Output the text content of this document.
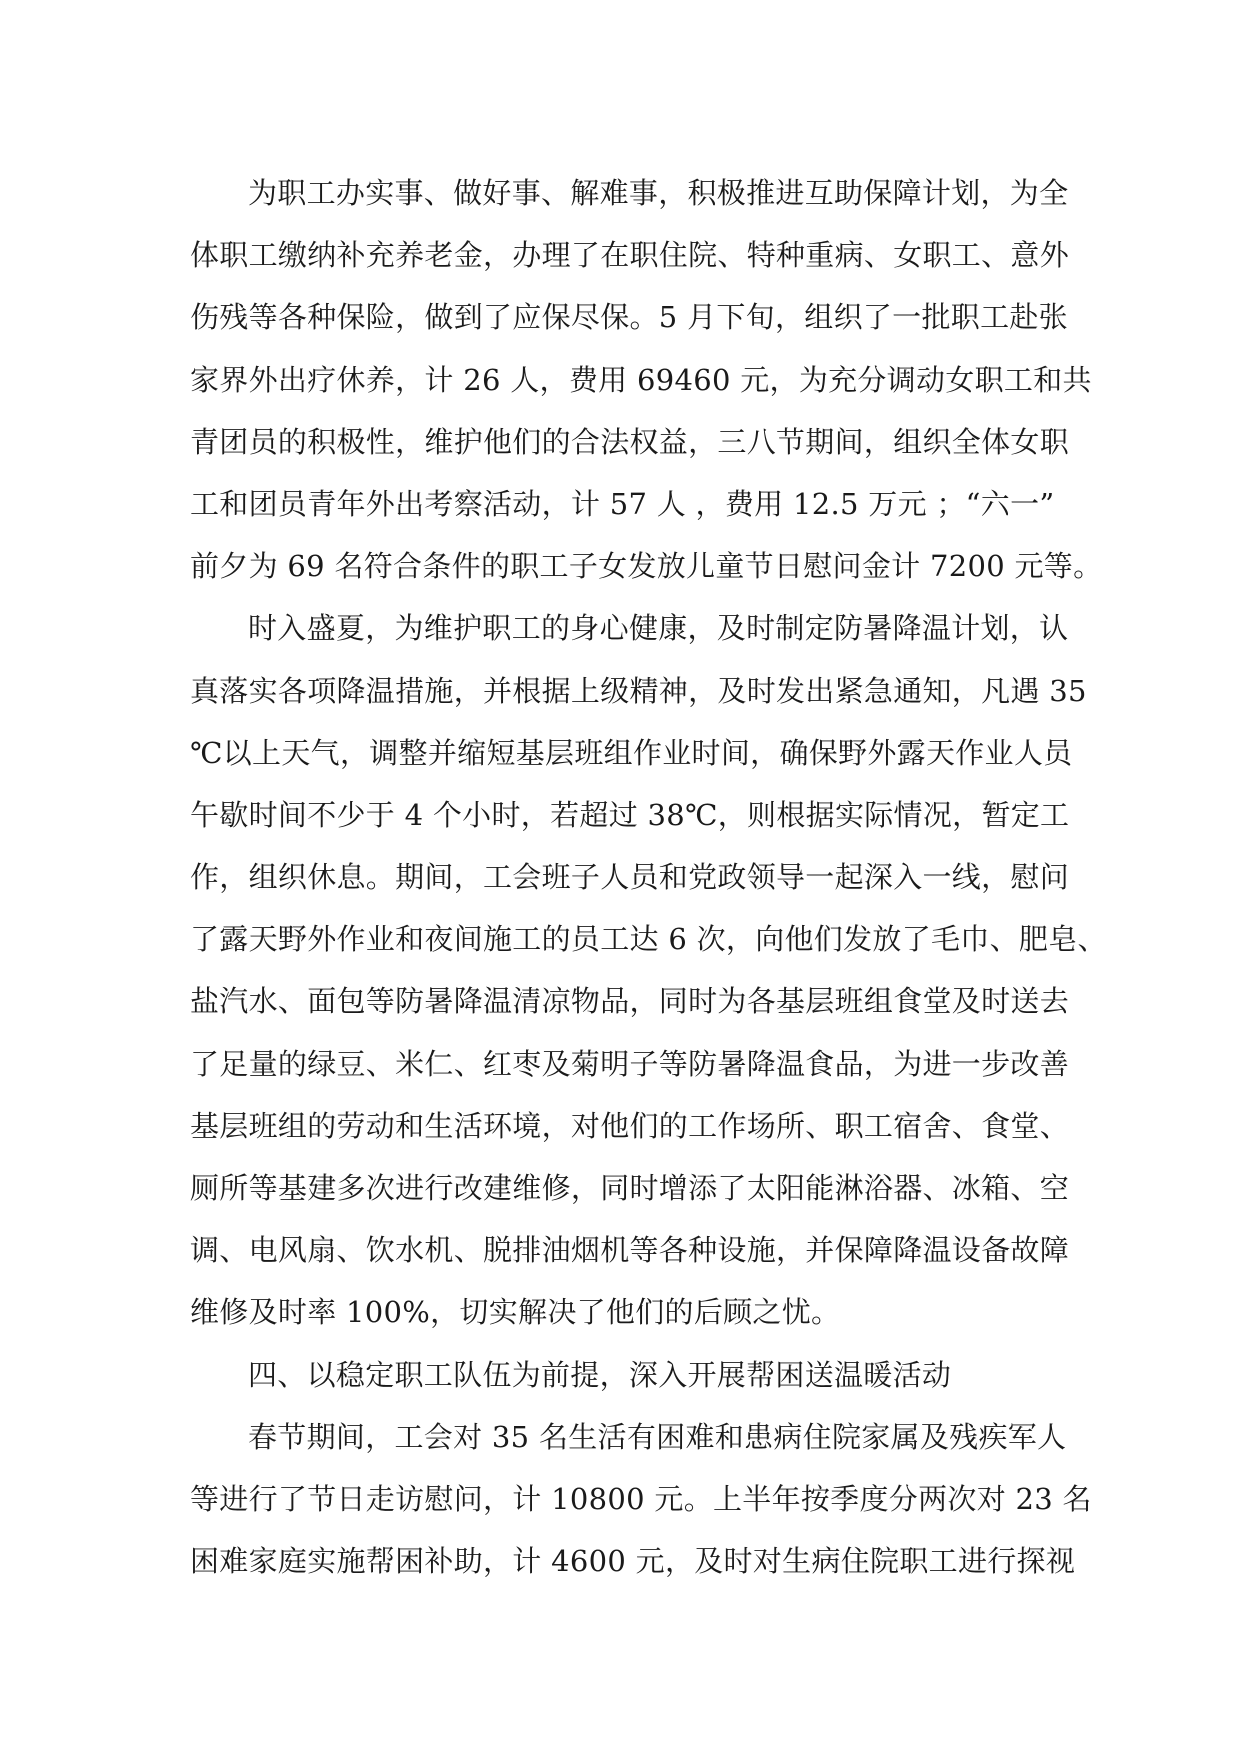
为职工办实事、做好事、解难事，积极推进互助保障计划，为全
体职工缴纳补充养老金，办理了在职住院、特种重病、女职工、意外
伤残等各种保险，做到了应保尽保。5 月下旬，组织了一批职工赴张
家界外出疗休养，计 26 人，费用 69460 元，为充分调动女职工和共
青团员的积极性，维护他们的合法权益，三八节期间，组织全体女职
工和团员青年外出考察活动，计 57 人 ，费用 12.5 万元 ；“六一”
前夕为 69 名符合条件的职工子女发放儿童节日慰问金计 7200 元等。
时入盛夏，为维护职工的身心健康，及时制定防暑降温计划，认
真落实各项降温措施，并根据上级精神，及时发出紧急通知，凡遇 35
℃以上天气，调整并缩短基层班组作业时间，确保野外露天作业人员
午歇时间不少于 4 个小时，若超过 38℃，则根据实际情况，暂定工
作，组织休息。期间，工会班子人员和党政领导一起深入一线，慰问
了露天野外作业和夜间施工的员工达 6 次，向他们发放了毛巾、肥皂、
盐汽水、面包等防暑降温清凉物品，同时为各基层班组食堂及时送去
了足量的绿豆、米仁、红枣及菊明子等防暑降温食品，为进一步改善
基层班组的劳动和生活环境，对他们的工作场所、职工宿舍、食堂、
厕所等基建多次进行改建维修，同时增添了太阳能淋浴器、冰箱、空
调、电风扇、饮水机、脱排油烟机等各种设施，并保障降温设备故障
维修及时率 100%，切实解决了他们的后顾之忧。
四、以稳定职工队伍为前提，深入开展帮困送温暖活动
春节期间，工会对 35 名生活有困难和患病住院家属及残疾军人
等进行了节日走访慰问，计 10800 元。上半年按季度分两次对 23 名
困难家庭实施帮困补助，计 4600 元，及时对生病住院职工进行探视
